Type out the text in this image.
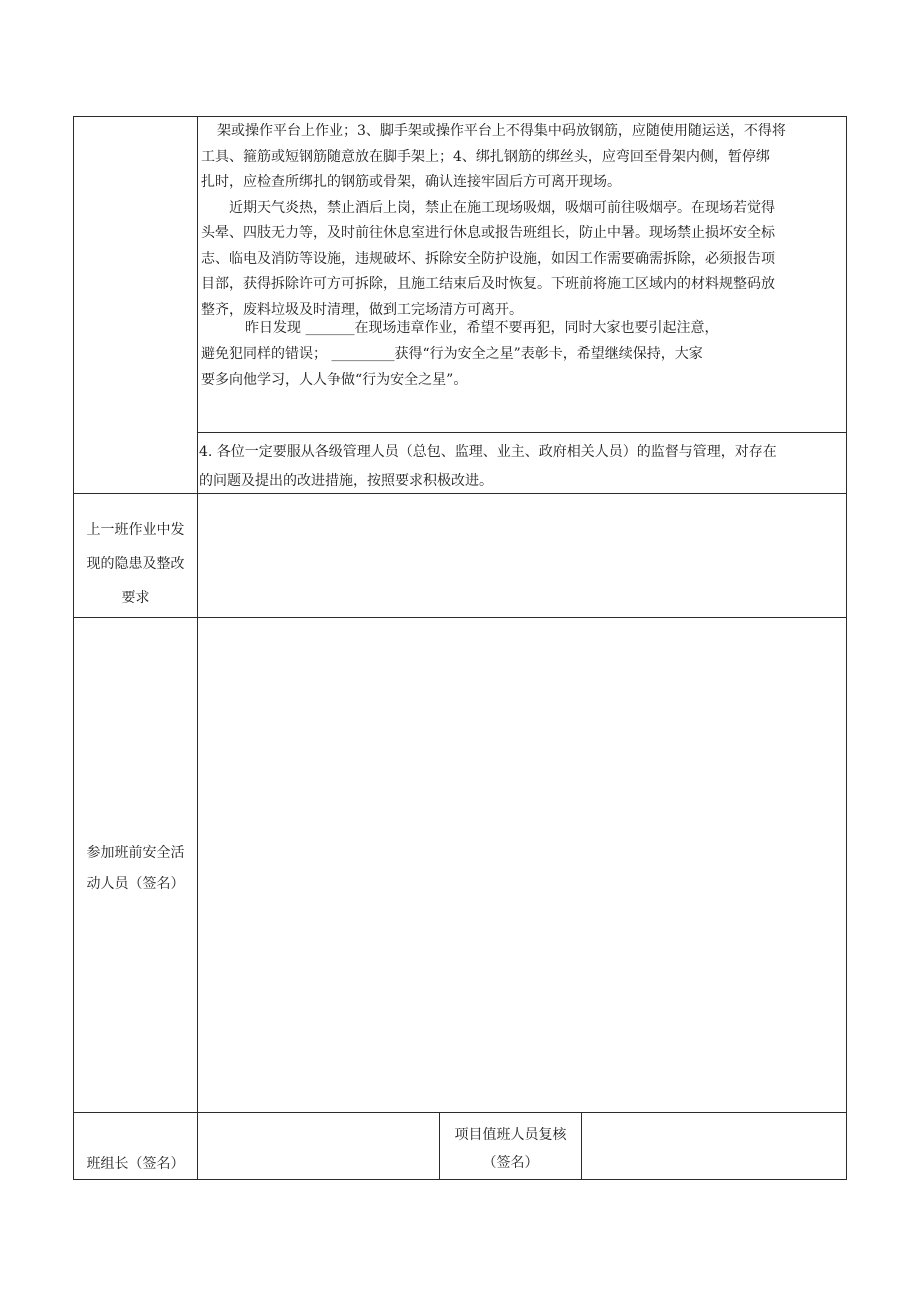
架或操作平台上作业；3、脚手架或操作平台上不得集中码放钢筋，应随使用随运送，不得将
工具、箍筋或短钢筋随意放在脚手架上；4、绑扎钢筋的绑丝头，应弯回至骨架内侧，暂停绑
扎时，应检查所绑扎的钢筋或骨架，确认连接牢固后方可离开现场。
近期天气炎热，禁止酒后上岗，禁止在施工现场吸烟，吸烟可前往吸烟亭。在现场若觉得
头晕、四肢无力等，及时前往休息室进行休息或报告班组长，防止中暑。现场禁止损坏安全标
志、临电及消防等设施，违规破坏、拆除安全防护设施，如因工作需要确需拆除，必须报告项
目部，获得拆除许可方可拆除，且施工结束后及时恢复。下班前将施工区域内的材料规整码放
整齐，废料垃圾及时清理，做到工完场清方可离开。
昨日发现 _______在现场违章作业，希望不要再犯，同时大家也要引起注意，
避免犯同样的错误； _________获得“行为安全之星”表彰卡，希望继续保持，大家
要多向他学习，人人争做“行为安全之星”。
4. 各位一定要服从各级管理人员（总包、监理、业主、政府相关人员）的监督与管理，对存在
的问题及提出的改进措施，按照要求积极改进。
上一班作业中发
现的隐患及整改
要求
参加班前安全活
动人员（签名）
班组长（签名）
项目值班人员复核
（签名）
